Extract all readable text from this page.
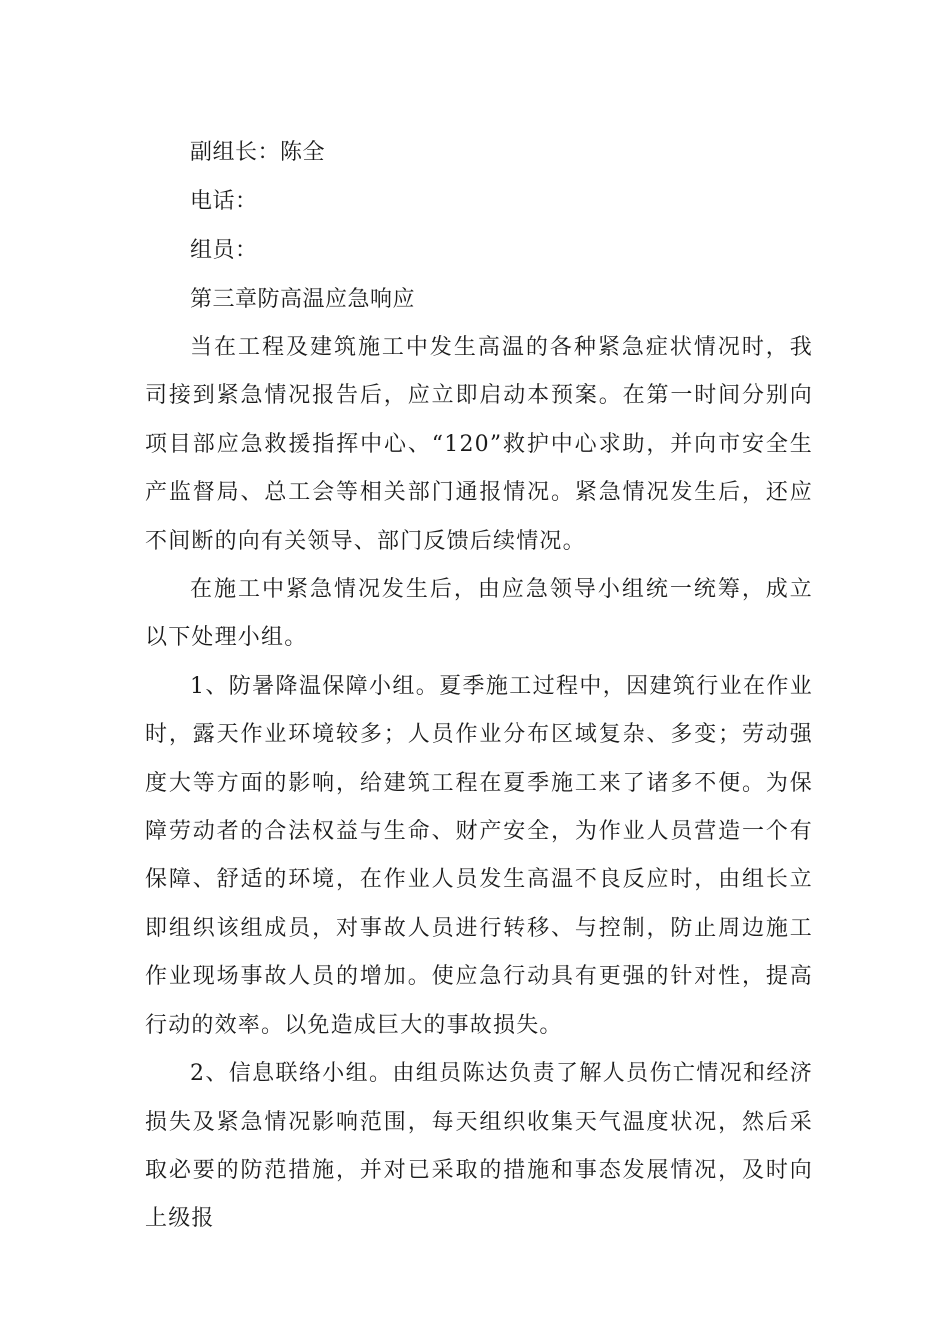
副组长：陈全
电话：
组员：
第三章防高温应急响应

当在工程及建筑施工中发生高温的各种紧急症状情况时，我司接到紧急情况报告后，应立即启动本预案。在第一时间分别向项目部应急救援指挥中心、“120”救护中心求助，并向市安全生产监督局、总工会等相关部门通报情况。紧急情况发生后，还应不间断的向有关领导、部门反馈后续情况。

在施工中紧急情况发生后，由应急领导小组统一统筹，成立以下处理小组。

1、防暑降温保障小组。夏季施工过程中，因建筑行业在作业时，露天作业环境较多；人员作业分布区域复杂、多变；劳动强度大等方面的影响，给建筑工程在夏季施工来了诸多不便。为保障劳动者的合法权益与生命、财产安全，为作业人员营造一个有保障、舒适的环境，在作业人员发生高温不良反应时，由组长立即组织该组成员，对事故人员进行转移、与控制，防止周边施工作业现场事故人员的增加。使应急行动具有更强的针对性，提高行动的效率。以免造成巨大的事故损失。

2、信息联络小组。由组员陈达负责了解人员伤亡情况和经济损失及紧急情况影响范围，每天组织收集天气温度状况，然后采取必要的防范措施，并对已采取的措施和事态发展情况，及时向上级报
